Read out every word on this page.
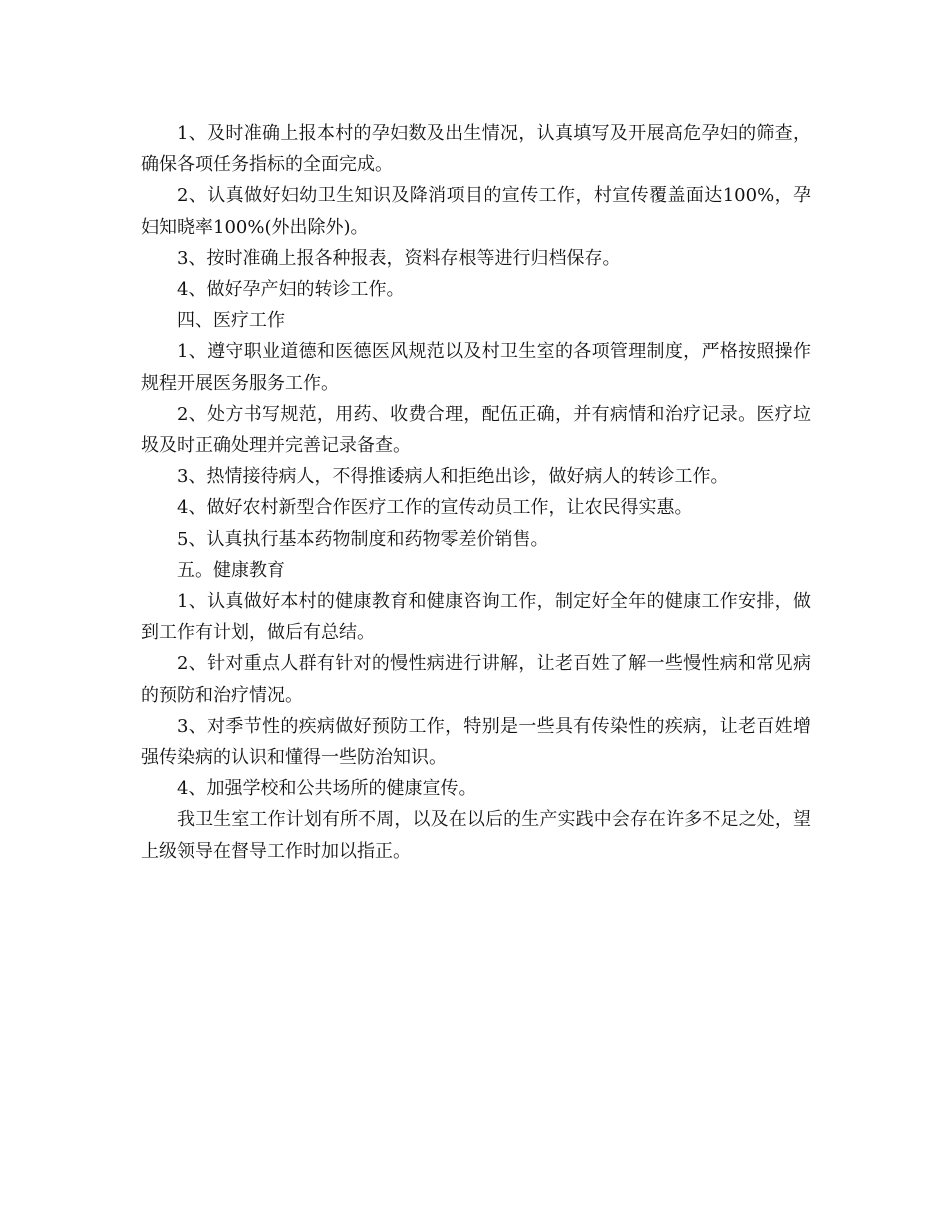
1、及时准确上报本村的孕妇数及出生情况，认真填写及开展高危孕妇的筛查，确保各项任务指标的全面完成。

2、认真做好妇幼卫生知识及降消项目的宣传工作，村宣传覆盖面达100%，孕妇知晓率100%(外出除外)。

3、按时准确上报各种报表，资料存根等进行归档保存。

4、做好孕产妇的转诊工作。

四、医疗工作

1、遵守职业道德和医德医风规范以及村卫生室的各项管理制度，严格按照操作规程开展医务服务工作。

2、处方书写规范，用药、收费合理，配伍正确，并有病情和治疗记录。医疗垃圾及时正确处理并完善记录备查。

3、热情接待病人，不得推诿病人和拒绝出诊，做好病人的转诊工作。

4、做好农村新型合作医疗工作的宣传动员工作，让农民得实惠。

5、认真执行基本药物制度和药物零差价销售。

五。健康教育

1、认真做好本村的健康教育和健康咨询工作，制定好全年的健康工作安排，做到工作有计划，做后有总结。

2、针对重点人群有针对的慢性病进行讲解，让老百姓了解一些慢性病和常见病的预防和治疗情况。

3、对季节性的疾病做好预防工作，特别是一些具有传染性的疾病，让老百姓增强传染病的认识和懂得一些防治知识。

4、加强学校和公共场所的健康宣传。

我卫生室工作计划有所不周，以及在以后的生产实践中会存在许多不足之处，望上级领导在督导工作时加以指正。
